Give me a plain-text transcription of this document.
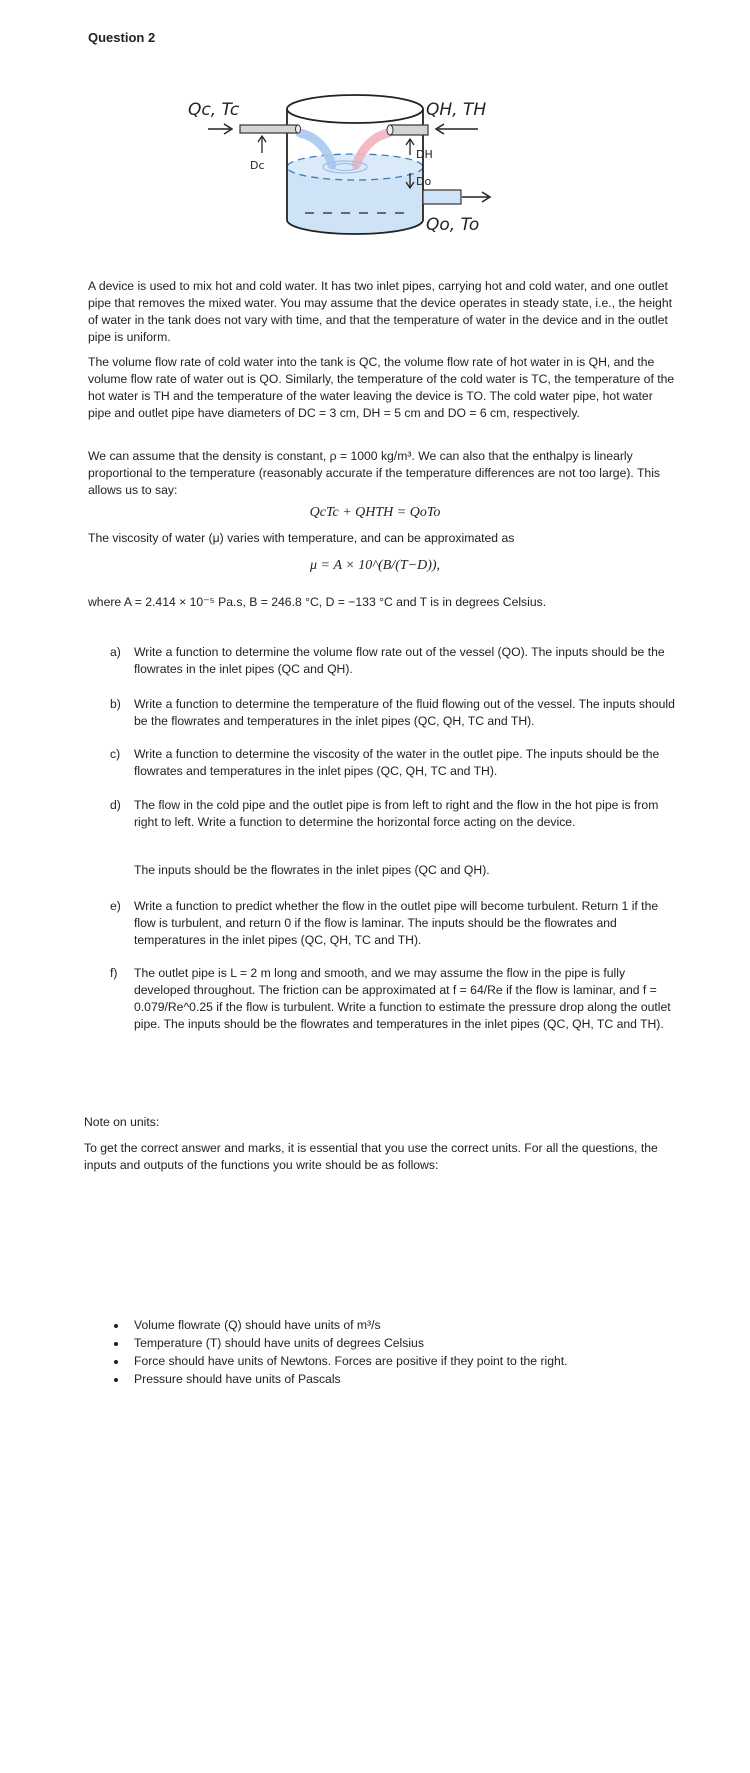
Question 2
Qc, Tc	QH, TH
Dc
DH
Do
Qo, To
A device is used to mix hot and cold water. It has two inlet pipes, carrying hot and cold water, and one outlet pipe that removes the mixed water. You may assume that the device operates in steady state, i.e., the height of water in the tank does not vary with time, and that the temperature of water in the device and in the outlet pipe is uniform.
The volume flow rate of cold water into the tank is QC, the volume flow rate of hot water in is QH, and the volume flow rate of water out is QO. Similarly, the temperature of the cold water is TC, the temperature of the hot water is TH and the temperature of the water leaving the device is TO. The cold water pipe, hot water pipe and outlet pipe have diameters of DC = 3 cm, DH = 5 cm and DO = 6 cm, respectively.
We can assume that the density is constant, ρ = 1000 kg/m³. We can also that the enthalpy is linearly proportional to the temperature (reasonably accurate if the temperature differences are not too large). This allows us to say:
QcTc + QHTH = QoTo
The viscosity of water (μ) varies with temperature, and can be approximated as
μ = A × 10^(B/(T−D)),
where A = 2.414 × 10⁻⁵ Pa.s, B = 246.8 °C, D = −133 °C and T is in degrees Celsius.
a) Write a function to determine the volume flow rate out of the vessel (QO). The inputs should be the flowrates in the inlet pipes (QC and QH).
b) Write a function to determine the temperature of the fluid flowing out of the vessel. The inputs should be the flowrates and temperatures in the inlet pipes (QC, QH, TC and TH).
c) Write a function to determine the viscosity of the water in the outlet pipe. The inputs should be the flowrates and temperatures in the inlet pipes (QC, QH, TC and TH).
d) The flow in the cold pipe and the outlet pipe is from left to right and the flow in the hot pipe is from right to left. Write a function to determine the horizontal force acting on the device.
The inputs should be the flowrates in the inlet pipes (QC and QH).
e) Write a function to predict whether the flow in the outlet pipe will become turbulent. Return 1 if the flow is turbulent, and return 0 if the flow is laminar. The inputs should be the flowrates and temperatures in the inlet pipes (QC, QH, TC and TH).
f) The outlet pipe is L = 2 m long and smooth, and we may assume the flow in the pipe is fully developed throughout. The friction can be approximated at f = 64/Re if the flow is laminar, and f = 0.079/Re^0.25 if the flow is turbulent. Write a function to estimate the pressure drop along the outlet pipe. The inputs should be the flowrates and temperatures in the inlet pipes (QC, QH, TC and TH).
Note on units:
To get the correct answer and marks, it is essential that you use the correct units. For all the questions, the inputs and outputs of the functions you write should be as follows:
• Volume flowrate (Q) should have units of m³/s
• Temperature (T) should have units of degrees Celsius
• Force should have units of Newtons. Forces are positive if they point to the right.
• Pressure should have units of Pascals
